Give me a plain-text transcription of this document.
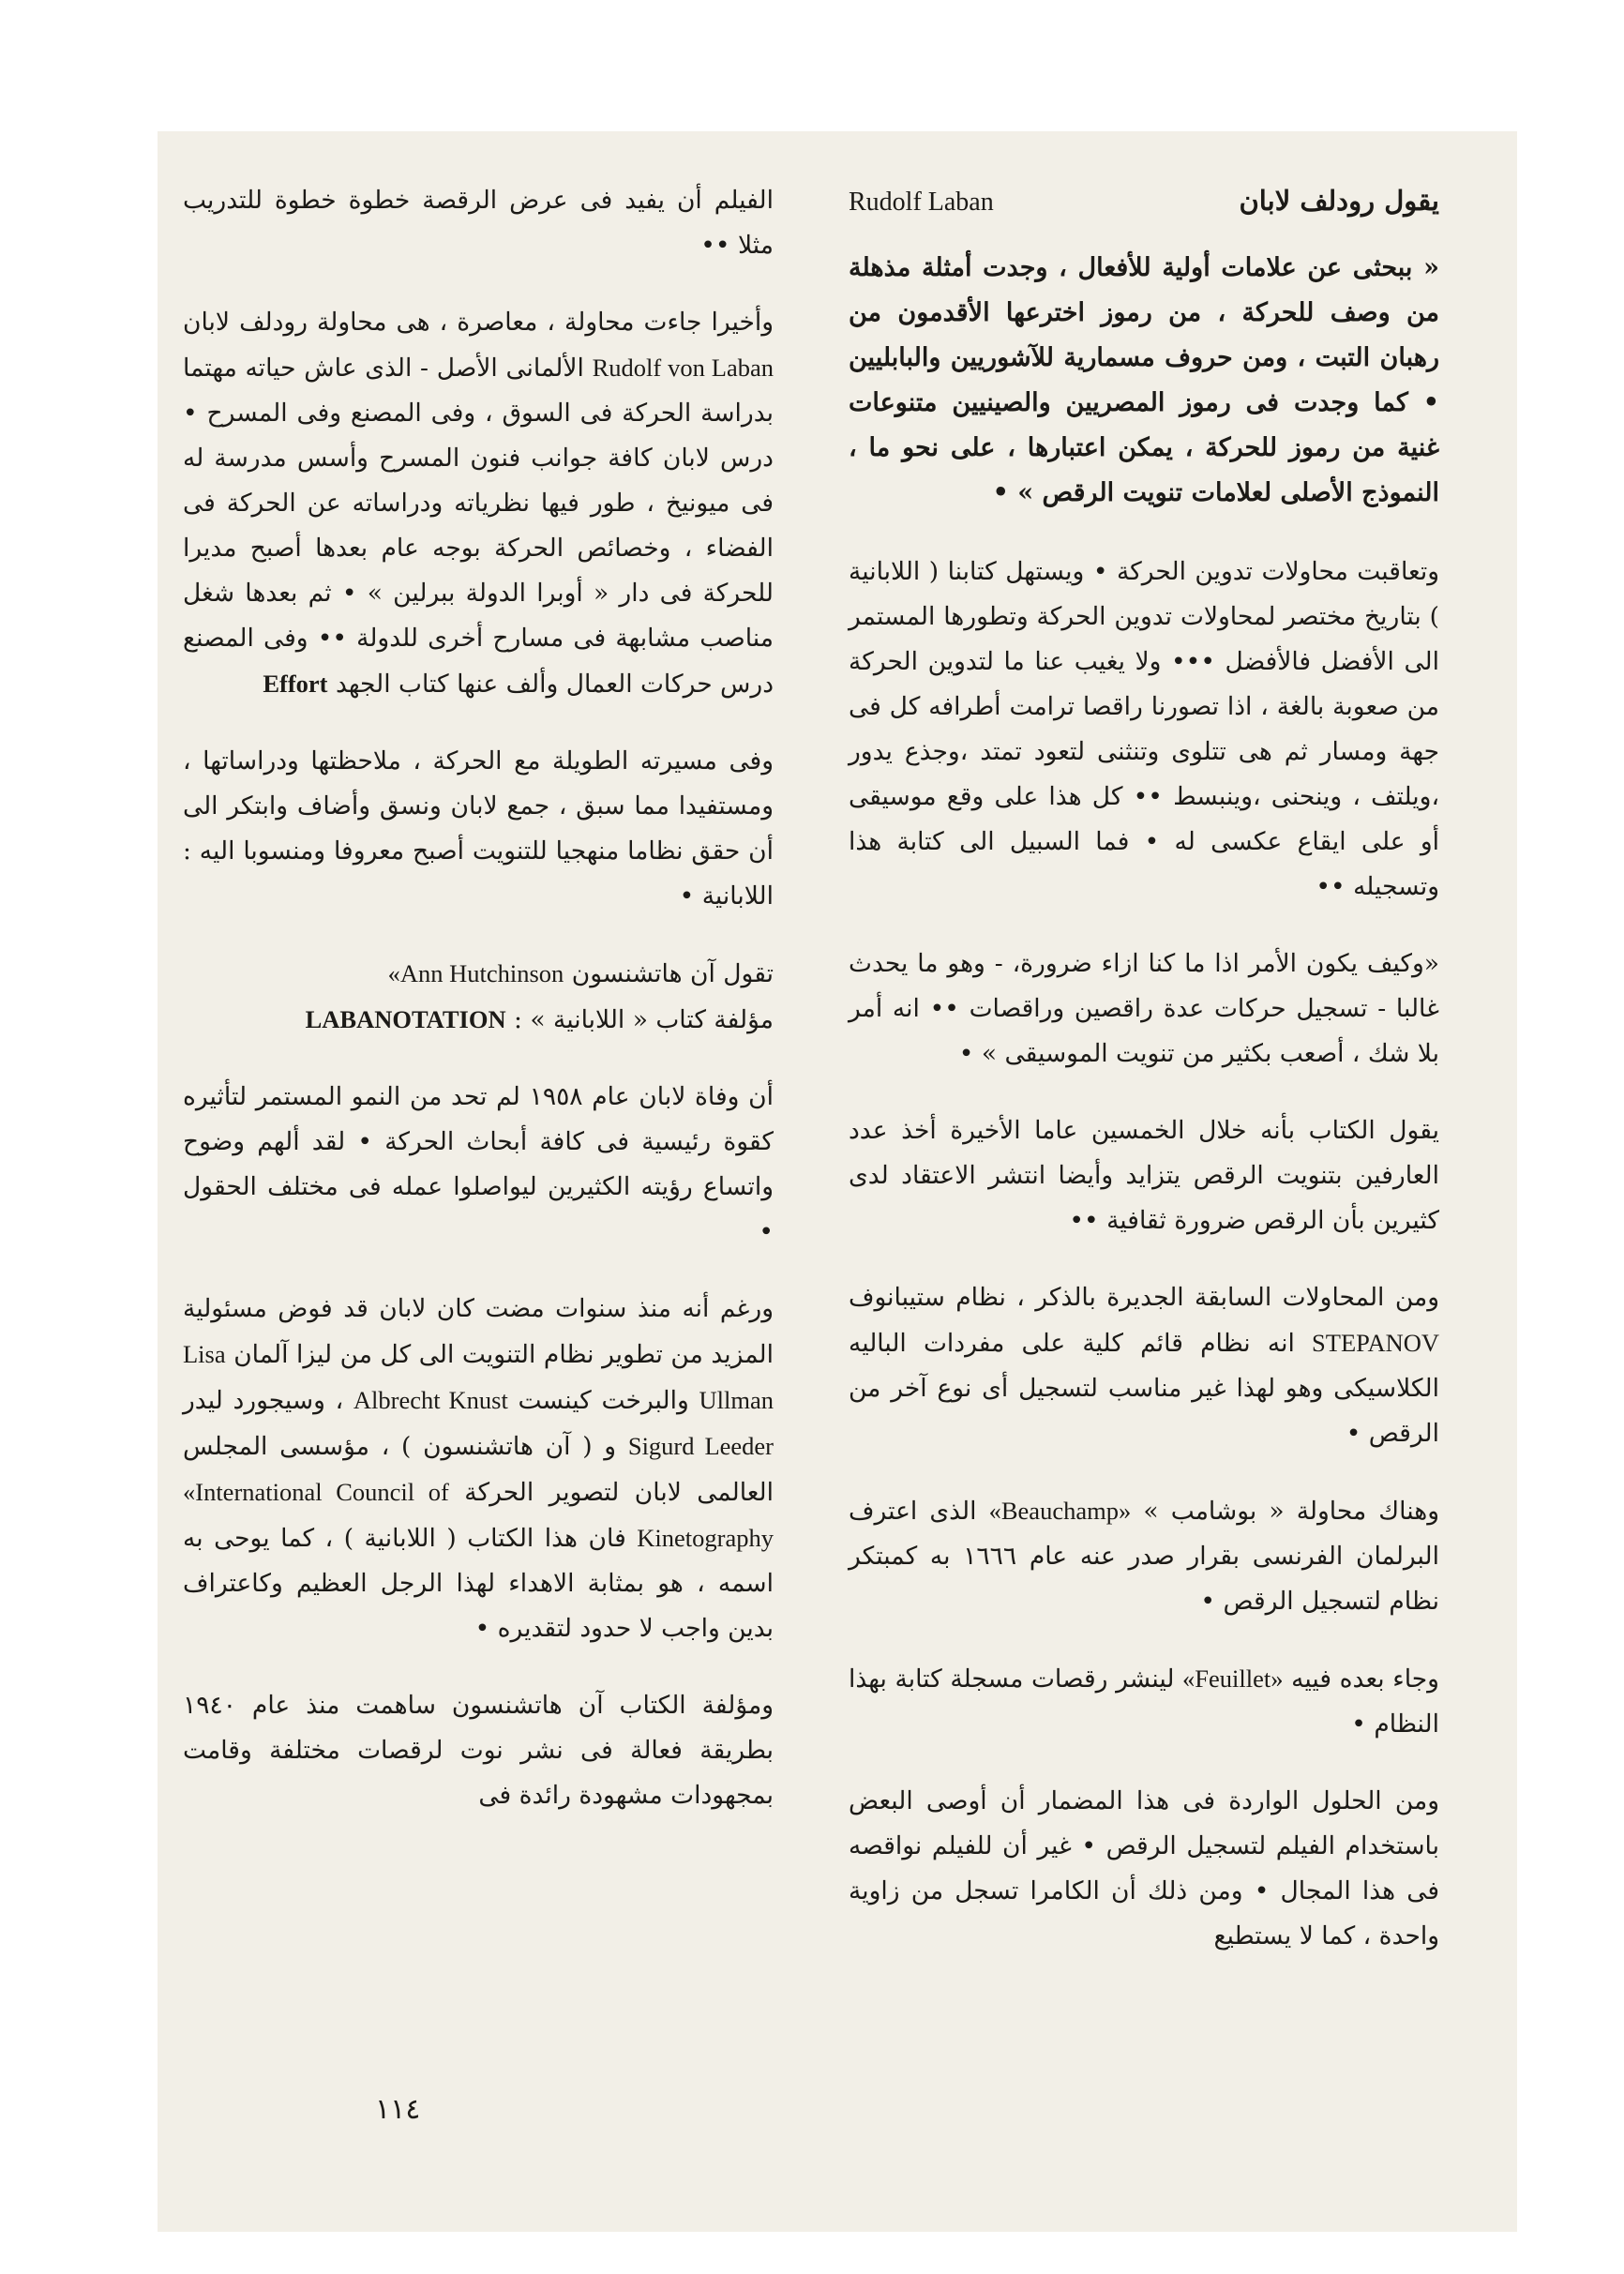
يقول رودلف لابان
Rudolf Laban

« ببحثى عن علامات أولية للأفعال ، وجدت أمثلة مذهلة من وصف للحركة ، من رموز اخترعها الأقدمون من رهبان التبت ، ومن حروف مسمارية للآشوريين والبابليين • كما وجدت فى رموز المصريين والصينيين متنوعات غنية من رموز للحركة ، يمكن اعتبارها ، على نحو ما ، النموذج الأصلى لعلامات تنويت الرقص » •

وتعاقبت محاولات تدوين الحركة • ويستهل كتابنا ( اللابانية ) بتاريخ مختصر لمحاولات تدوين الحركة وتطورها المستمر الى الأفضل فالأفضل ••• ولا يغيب عنا ما لتدوين الحركة من صعوبة بالغة ، اذا تصورنا راقصا ترامت أطرافه كل فى جهة ومسار ثم هى تتلوى وتنثنى لتعود تمتد ،وجذع يدور ،ويلتف ، وينحنى ،وينبسط •• كل هذا على وقع موسيقى أو على ايقاع عكسى له • فما السبيل الى كتابة هذا وتسجيله ••

«وكيف يكون الأمر اذا ما كنا ازاء ضرورة، - وهو ما يحدث غالبا - تسجيل حركات عدة راقصين وراقصات •• انه أمر بلا شك ، أصعب بكثير من تنويت الموسيقى » •

يقول الكتاب بأنه خلال الخمسين عاما الأخيرة أخذ عدد العارفين بتنويت الرقص يتزايد وأيضا انتشر الاعتقاد لدى كثيرين بأن الرقص ضرورة ثقافية ••

ومن المحاولات السابقة الجديرة بالذكر ، نظام ستيبانوف STEPANOV انه نظام قائم كلية على مفردات الباليه الكلاسيكى وهو لهذا غير مناسب لتسجيل أى نوع آخر من الرقص •

وهناك محاولة « بوشامب » «Beauchamp» الذى اعترف البرلمان الفرنسى بقرار صدر عنه عام ١٦٦٦ به كمبتكر نظام لتسجيل الرقص •

وجاء بعده فييه «Feuillet» لينشر رقصات مسجلة كتابة بهذا النظام •

ومن الحلول الواردة فى هذا المضمار أن أوصى البعض باستخدام الفيلم لتسجيل الرقص • غير أن للفيلم نواقصه فى هذا المجال • ومن ذلك أن الكامرا تسجل من زاوية واحدة ، كما لا يستطيع

الفيلم أن يفيد فى عرض الرقصة خطوة خطوة للتدريب مثلا ••

وأخيرا جاءت محاولة ، معاصرة ، هى محاولة رودلف لابان Rudolf von Laban الألمانى الأصل - الذى عاش حياته مهتما بدراسة الحركة فى السوق ، وفى المصنع وفى المسرح • درس لابان كافة جوانب فنون المسرح وأسس مدرسة له فى ميونيخ ، طور فيها نظرياته ودراساته عن الحركة فى الفضاء ، وخصائص الحركة بوجه عام بعدها أصبح مديرا للحركة فى دار « أوبرا الدولة ببرلين » • ثم بعدها شغل مناصب مشابهة فى مسارح أخرى للدولة •• وفى المصنع درس حركات العمال وألف عنها كتاب الجهد Effort

وفى مسيرته الطويلة مع الحركة ، ملاحظتها ودراساتها ، ومستفيدا مما سبق ، جمع لابان ونسق وأضاف وابتكر الى أن حقق نظاما منهجيا للتنويت أصبح معروفا ومنسوبا اليه : اللابانية •

تقول آن هاتشنسون «Ann Hutchinson
مؤلفة كتاب « اللابانية » : LABANOTATION

أن وفاة لابان عام ١٩٥٨ لم تحد من النمو المستمر لتأثيره كقوة رئيسية فى كافة أبحاث الحركة • لقد ألهم وضوح واتساع رؤيته الكثيرين ليواصلوا عمله فى مختلف الحقول •

ورغم أنه منذ سنوات مضت كان لابان قد فوض مسئولية المزيد من تطوير نظام التنويت الى كل من ليزا آلمان Lisa Ullman والبرخت كينست Albrecht Knust ، وسيجورد ليدر Sigurd Leeder و ( آن هاتشنسون ) ، مؤسسى المجلس العالمى لابان لتصوير الحركة «International Council of Kinetography فان هذا الكتاب ( اللابانية ) ، كما يوحى به اسمه ، هو بمثابة الاهداء لهذا الرجل العظيم وكاعتراف بدين واجب لا حدود لتقديره •

ومؤلفة الكتاب آن هاتشنسون ساهمت منذ عام ١٩٤٠ بطريقة فعالة فى نشر نوت لرقصات مختلفة وقامت بمجهودات مشهودة رائدة فى

١١٤
